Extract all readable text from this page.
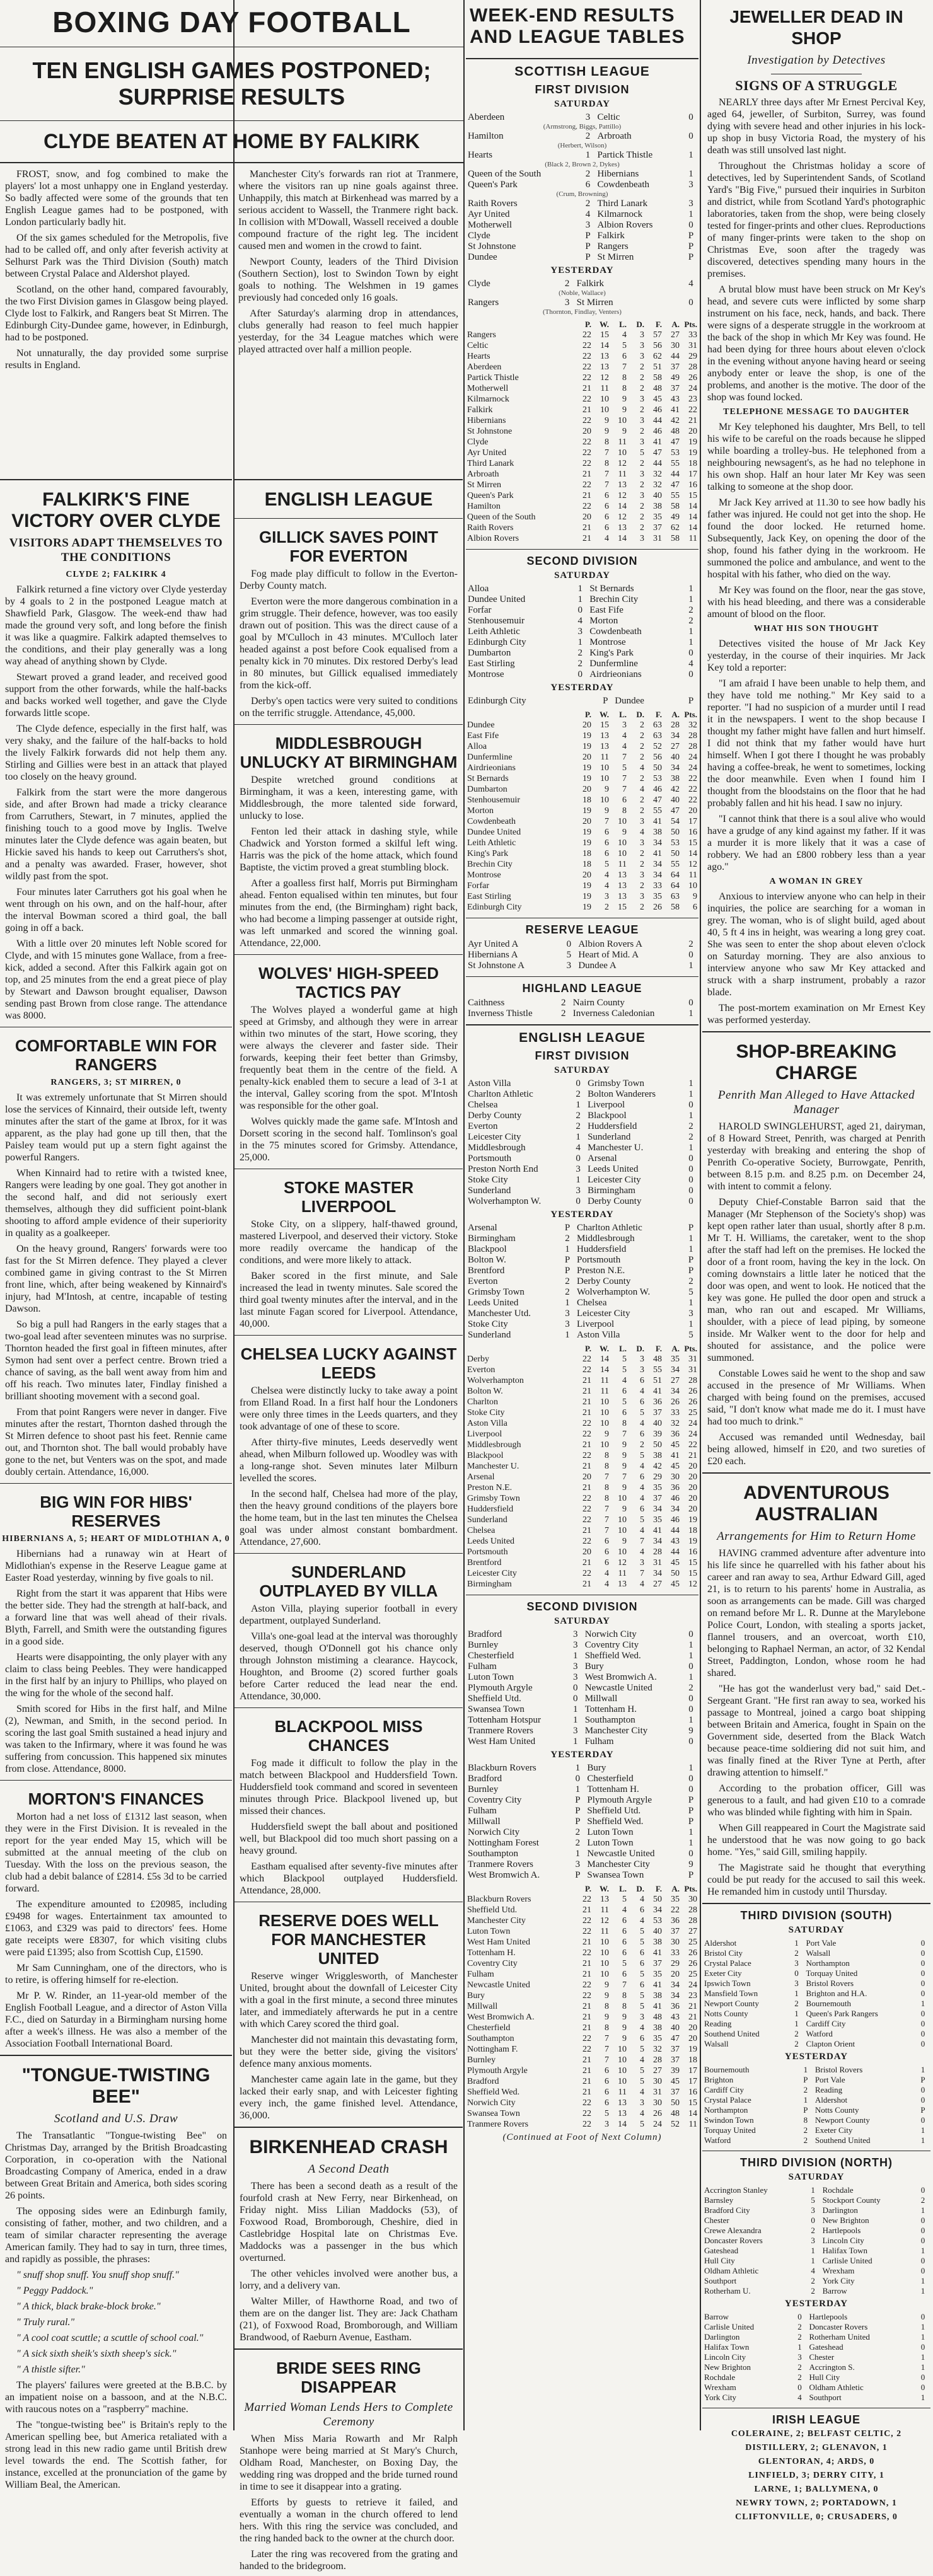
BOXING DAY FOOTBALL
TEN ENGLISH GAMES POSTPONED; SURPRISE RESULTS
CLYDE BEATEN AT HOME BY FALKIRK

FROST, snow, and fog combined to make the players' lot a most unhappy one in England yesterday. So badly affected were some of the grounds that ten English League games had to be postponed, with London particularly badly hit.

Of the six games scheduled for the Metropolis, five had to be called off, and only after feverish activity at Selhurst Park was the Third Division (South) match between Crystal Palace and Aldershot played.

Scotland, on the other hand, compared favourably, the two First Division games in Glasgow being played. Clyde lost to Falkirk, and Rangers beat St Mirren. The Edinburgh City-Dundee game, however, in Edinburgh, had to be postponed.

Not unnaturally, the day provided some surprise results in England.

Manchester City's forwards ran riot at Tranmere, where the visitors ran up nine goals against three. Unhappily, this match at Birkenhead was marred by a serious accident to Wassell, the Tranmere right back. In collision with M'Dowall, Wassell received a double compound fracture of the right leg. The incident caused men and women in the crowd to faint.

Newport County, leaders of the Third Division (Southern Section), lost to Swindon Town by eight goals to nothing. The Welshmen in 19 games previously had conceded only 16 goals.

After Saturday's alarming drop in attendances, clubs generally had reason to feel much happier yesterday, for the 34 League matches which were played attracted over half a million people.

FALKIRK'S FINE VICTORY OVER CLYDE
VISITORS ADAPT THEMSELVES TO THE CONDITIONS
CLYDE 2; FALKIRK 4

Falkirk returned a fine victory over Clyde yesterday by 4 goals to 2 in the postponed League match at Shawfield Park, Glasgow. The week-end thaw had made the ground very soft, and long before the finish it was like a quagmire. Falkirk adapted themselves to the conditions, and their play generally was a long way ahead of anything shown by Clyde.

Stewart proved a grand leader, and received good support from the other forwards, while the half-backs and backs worked well together, and gave the Clyde forwards little scope.

The Clyde defence, especially in the first half, was very shaky, and the failure of the half-backs to hold the lively Falkirk forwards did not help them any. Stirling and Gillies were best in an attack that played too closely on the heavy ground.

Falkirk from the start were the more dangerous side, and after Brown had made a tricky clearance from Carruthers, Stewart, in 7 minutes, applied the finishing touch to a good move by Inglis. Twelve minutes later the Clyde defence was again beaten, but Hickie saved his hands to keep out Carruthers's shot, and a penalty was awarded. Fraser, however, shot wildly past from the spot.

Four minutes later Carruthers got his goal when he went through on his own, and on the half-hour, after the interval Bowman scored a third goal, the ball going in off a back.

With a little over 20 minutes left Noble scored for Clyde, and with 15 minutes gone Wallace, from a free-kick, added a second. After this Falkirk again got on top, and 25 minutes from the end a great piece of play by Stewart and Dawson brought equaliser, Dawson sending past Brown from close range. The attendance was 8000.

COMFORTABLE WIN FOR RANGERS
RANGERS, 3; ST MIRREN, 0

It was extremely unfortunate that St Mirren should lose the services of Kinnaird, their outside left, twenty minutes after the start of the game at Ibrox, for it was apparent, as the play had gone up till then, that the Paisley team would put up a stern fight against the powerful Rangers.

When Kinnaird had to retire with a twisted knee, Rangers were leading by one goal. They got another in the second half, and did not seriously exert themselves, although they did sufficient point-blank shooting to afford ample evidence of their superiority in quality as a goalkeeper.

On the heavy ground, Rangers' forwards were too fast for the St Mirren defence. They played a clever combined game in giving contrast to the St Mirren front line, which, after being weakened by Kinnaird's injury, had M'Intosh, at centre, incapable of testing Dawson.

So big a pull had Rangers in the early stages that a two-goal lead after seventeen minutes was no surprise. Thornton headed the first goal in fifteen minutes, after Symon had sent over a perfect centre. Brown tried a chance of saving, as the ball went away from him and off his reach. Two minutes later, Findlay finished a brilliant shooting movement with a second goal.

From that point Rangers were never in danger. Five minutes after the restart, Thornton dashed through the St Mirren defence to shoot past his feet. Rennie came out, and Thornton shot. The ball would probably have gone to the net, but Venters was on the spot, and made doubly certain. Attendance, 16,000.

BIG WIN FOR HIBS' RESERVES
HIBERNIANS A, 5; HEART OF MIDLOTHIAN A, 0

Hibernians had a runaway win at Heart of Midlothian's expense in the Reserve League game at Easter Road yesterday, winning by five goals to nil.

Right from the start it was apparent that Hibs were the better side. They had the strength at half-back, and a forward line that was well ahead of their rivals. Blyth, Farrell, and Smith were the outstanding figures in a good side.

Hearts were disappointing, the only player with any claim to class being Peebles. They were handicapped in the first half by an injury to Phillips, who played on the wing for the whole of the second half.

Smith scored for Hibs in the first half, and Milne (2), Newman, and Smith, in the second period. In scoring the last goal Smith sustained a head injury and was taken to the Infirmary, where it was found he was suffering from concussion. This happened six minutes from close. Attendance, 8000.

MORTON'S FINANCES

Morton had a net loss of £1312 last season, when they were in the First Division. It is revealed in the report for the year ended May 15, which will be submitted at the annual meeting of the club on Tuesday. With the loss on the previous season, the club had a debit balance of £2814. £5s 3d to be carried forward.

The expenditure amounted to £20985, including £9498 for wages. Entertainment tax amounted to £1063, and £329 was paid to directors' fees. Home gate receipts were £8307, for which visiting clubs were paid £1395; also from Scottish Cup, £1590.

Mr Sam Cunningham, one of the directors, who is to retire, is offering himself for re-election.

Mr P. W. Rinder, an 11-year-old member of the English Football League, and a director of Aston Villa F.C., died on Saturday in a Birmingham nursing home after a week's illness. He was also a member of the Association Football International Board.

"TONGUE-TWISTING BEE"
Scotland and U.S. Draw

The Transatlantic "Tongue-twisting Bee" on Christmas Day, arranged by the British Broadcasting Corporation, in co-operation with the National Broadcasting Company of America, ended in a draw between Great Britain and America, both sides scoring 26 points.

The opposing sides were an Edinburgh family, consisting of father, mother, and two children, and a team of similar character representing the average American family. They had to say in turn, three times, and rapidly as possible, the phrases:

" snuff shop snuff. You snuff shop snuff."

" Peggy Paddock."

" A thick, black brake-block broke."

" Truly rural."

" A cool coat scuttle; a scuttle of school coal."

" A sick sixth sheik's sixth sheep's sick."

" A thistle sifter."

The players' failures were greeted at the B.B.C. by an impatient noise on a bassoon, and at the N.B.C. with raucous notes on a "raspberry" machine.

The "tongue-twisting bee" is Britain's reply to the American spelling bee, but America retaliated with a strong lead in this new radio game until British drew level towards the end. The Scottish father, for instance, excelled at the pronunciation of the game by William Beal, the American.

ENGLISH LEAGUE
GILLICK SAVES POINT FOR EVERTON

Fog made play difficult to follow in the Everton-Derby County match.

Everton were the more dangerous combination in a grim struggle. Their defence, however, was too easily drawn out of position. This was the direct cause of a goal by M'Culloch in 43 minutes. M'Culloch later headed against a post before Cook equalised from a penalty kick in 70 minutes. Dix restored Derby's lead in 80 minutes, but Gillick equalised immediately from the kick-off.

Derby's open tactics were very suited to conditions on the terrific struggle. Attendance, 45,000.

MIDDLESBROUGH UNLUCKY AT BIRMINGHAM

Despite wretched ground conditions at Birmingham, it was a keen, interesting game, with Middlesbrough, the more talented side forward, unlucky to lose.

Fenton led their attack in dashing style, while Chadwick and Yorston formed a skilful left wing. Harris was the pick of the home attack, which found Baptiste, the victim proved a great stumbling block.

After a goalless first half, Morris put Birmingham ahead. Fenton equalised within ten minutes, but four minutes from the end, (the Birmingham) right back, who had become a limping passenger at outside right, was left unmarked and scored the winning goal. Attendance, 22,000.

WOLVES' HIGH-SPEED TACTICS PAY

The Wolves played a wonderful game at high speed at Grimsby, and although they were in arrear within two minutes of the start, Howe scoring, they were always the cleverer and faster side. Their forwards, keeping their feet better than Grimsby, frequently beat them in the centre of the field. A penalty-kick enabled them to secure a lead of 3-1 at the interval, Galley scoring from the spot. M'Intosh was responsible for the other goal.

Wolves quickly made the game safe. M'Intosh and Dorsett scoring in the second half. Tomlinson's goal in the 75 minutes scored for Grimsby. Attendance, 25,000.

STOKE MASTER LIVERPOOL

Stoke City, on a slippery, half-thawed ground, mastered Liverpool, and deserved their victory. Stoke more readily overcame the handicap of the conditions, and were more likely to attack.

Baker scored in the first minute, and Sale increased the lead in twenty minutes. Sale scored the third goal twenty minutes after the interval, and in the last minute Fagan scored for Liverpool. Attendance, 40,000.

CHELSEA LUCKY AGAINST LEEDS

Chelsea were distinctly lucky to take away a point from Elland Road. In a first half hour the Londoners were only three times in the Leeds quarters, and they took advantage of one of these to score.

After thirty-five minutes, Leeds deservedly went ahead, when Milburn followed up. Woodley was with a long-range shot. Seven minutes later Milburn levelled the scores.

In the second half, Chelsea had more of the play, then the heavy ground conditions of the players bore the home team, but in the last ten minutes the Chelsea goal was under almost constant bombardment. Attendance, 27,600.

SUNDERLAND OUTPLAYED BY VILLA

Aston Villa, playing superior football in every department, outplayed Sunderland.

Villa's one-goal lead at the interval was thoroughly deserved, though O'Donnell got his chance only through Johnston mistiming a clearance. Haycock, Houghton, and Broome (2) scored further goals before Carter reduced the lead near the end. Attendance, 30,000.

BLACKPOOL MISS CHANCES

Fog made it difficult to follow the play in the match between Blackpool and Huddersfield Town. Huddersfield took command and scored in seventeen minutes through Price. Blackpool livened up, but missed their chances.

Huddersfield swept the ball about and positioned well, but Blackpool did too much short passing on a heavy ground.

Eastham equalised after seventy-five minutes after which Blackpool outplayed Huddersfield. Attendance, 28,000.

RESERVE DOES WELL FOR MANCHESTER UNITED

Reserve winger Wrigglesworth, of Manchester United, brought about the downfall of Leicester City with a goal in the first minute, a second three minutes later, and immediately afterwards he put in a centre with which Carey scored the third goal.

Manchester did not maintain this devastating form, but they were the better side, giving the visitors' defence many anxious moments.

Manchester came again late in the game, but they lacked their early snap, and with Leicester fighting every inch, the game finished level. Attendance, 36,000.

BIRKENHEAD CRASH
A Second Death

There has been a second death as a result of the fourfold crash at New Ferry, near Birkenhead, on Friday night. Miss Lilian Maddocks (53), of Foxwood Road, Bromborough, Cheshire, died in Castlebridge Hospital late on Christmas Eve. Maddocks was a passenger in the bus which overturned.

The other vehicles involved were another bus, a lorry, and a delivery van.

Walter Miller, of Hawthorne Road, and two of them are on the danger list. They are: Jack Chatham (21), of Foxwood Road, Bromborough, and William Brandwood, of Raeburn Avenue, Eastham.

BRIDE SEES RING DISAPPEAR
Married Woman Lends Hers to Complete Ceremony

When Miss Maria Rowarth and Mr Ralph Stanhope were being married at St Mary's Church, Oldham Road, Manchester, on Boxing Day, the wedding ring was dropped and the bride turned round in time to see it disappear into a grating.

Efforts by guests to retrieve it failed, and eventually a woman in the church offered to lend hers. With this ring the service was concluded, and the ring handed back to the owner at the church door.

Later the ring was recovered from the grating and handed to the bridegroom.

WEEK-END RESULTS AND LEAGUE TABLES
SCOTTISH LEAGUE
FIRST DIVISION
SATURDAY
Aberdeen	3	Celtic	0
(Armstrong, Biggs, Pattillo)			
Hamilton	2	Arbroath	0
(Herbert, Wilson)			
Hearts	1	Partick Thistle	1
(Black 2, Brown 2, Dykes)			
Queen of the South	2	Hibernians	1
Queen's Park	6	Cowdenbeath	3
(Crum, Browning)			
Raith Rovers	2	Third Lanark	3
Ayr United	4	Kilmarnock	1
Motherwell	3	Albion Rovers	0
Clyde	P	Falkirk	P
St Johnstone	P	Rangers	P
Dundee	P	St Mirren	P
YESTERDAY
Clyde	2	Falkirk	4
(Noble, Wallace)			
Rangers	3	St Mirren	0
(Thornton, Findlay, Venters)			
	P.	W.	L.	D.	F.	A.	Pts.
Rangers	22	15	4	3	57	27	33
Celtic	22	14	5	3	56	30	31
Hearts	22	13	6	3	62	44	29
Aberdeen	22	13	7	2	51	37	28
Partick Thistle	22	12	8	2	58	49	26
Motherwell	21	11	8	2	48	37	24
Kilmarnock	22	10	9	3	45	43	23
Falkirk	21	10	9	2	46	41	22
Hibernians	22	9	10	3	44	42	21
St Johnstone	20	9	9	2	46	48	20
Clyde	22	8	11	3	41	47	19
Ayr United	22	7	10	5	47	53	19
Third Lanark	22	8	12	2	44	55	18
Arbroath	21	7	11	3	32	44	17
St Mirren	22	7	13	2	32	47	16
Queen's Park	21	6	12	3	40	55	15
Hamilton	22	6	14	2	38	58	14
Queen of the South	20	6	12	2	35	49	14
Raith Rovers	21	6	13	2	37	62	14
Albion Rovers	21	4	14	3	31	58	11
SECOND DIVISION
SATURDAY
Alloa	1	St Bernards	1
Dundee United	1	Brechin City	1
Forfar	0	East Fife	2
Stenhousemuir	4	Morton	2
Leith Athletic	3	Cowdenbeath	1
Edinburgh City	1	Montrose	1
Dumbarton	2	King's Park	0
East Stirling	2	Dunfermline	4
Montrose	0	Airdrieonians	0
YESTERDAY
Edinburgh City	P	Dundee	P
	P.	W.	L.	D.	F.	A.	Pts.
Dundee	20	15	3	2	63	28	32
East Fife	19	13	4	2	63	34	28
Alloa	19	13	4	2	52	27	28
Dunfermline	20	11	7	2	56	40	24
Airdrieonians	19	10	5	4	50	34	24
St Bernards	19	10	7	2	53	38	22
Dumbarton	20	9	7	4	46	42	22
Stenhousemuir	18	10	6	2	47	40	22
Morton	19	9	8	2	55	47	20
Cowdenbeath	20	7	10	3	41	54	17
Dundee United	19	6	9	4	38	50	16
Leith Athletic	19	6	10	3	34	53	15
King's Park	18	6	10	2	41	50	14
Brechin City	18	5	11	2	34	55	12
Montrose	20	4	13	3	34	64	11
Forfar	19	4	13	2	33	64	10
East Stirling	19	3	13	3	35	63	9
Edinburgh City	19	2	15	2	26	58	6
RESERVE LEAGUE
Ayr United A	0	Albion Rovers A	2
Hibernians A	5	Heart of Mid. A	0
St Johnstone A	3	Dundee A	1
HIGHLAND LEAGUE
Caithness	2	Nairn County	0
Inverness Thistle	2	Inverness Caledonian	1
ENGLISH LEAGUE
FIRST DIVISION
SATURDAY
Aston Villa	0	Grimsby Town	1
Charlton Athletic	2	Bolton Wanderers	1
Chelsea	1	Liverpool	0
Derby County	2	Blackpool	1
Everton	2	Huddersfield	2
Leicester City	1	Sunderland	2
Middlesbrough	4	Manchester U.	1
Portsmouth	0	Arsenal	0
Preston North End	3	Leeds United	0
Stoke City	1	Leicester City	0
Sunderland	3	Birmingham	0
Wolverhampton W.	0	Derby County	0
YESTERDAY
Arsenal	P	Charlton Athletic	P
Birmingham	2	Middlesbrough	1
Blackpool	1	Huddersfield	1
Bolton W.	P	Portsmouth	P
Brentford	P	Preston N.E.	P
Everton	2	Derby County	2
Grimsby Town	2	Wolverhampton W.	5
Leeds United	1	Chelsea	1
Manchester Utd.	3	Leicester City	3
Stoke City	3	Liverpool	1
Sunderland	1	Aston Villa	5
	P.	W.	L.	D.	F.	A.	Pts.
Derby	22	14	5	3	48	35	31
Everton	22	14	5	3	55	34	31
Wolverhampton	21	11	4	6	51	27	28
Bolton W.	21	11	6	4	41	34	26
Charlton	21	10	5	6	36	26	26
Stoke City	21	10	6	5	37	33	25
Aston Villa	22	10	8	4	40	32	24
Liverpool	22	9	7	6	39	36	24
Middlesbrough	21	10	9	2	50	45	22
Blackpool	22	8	9	5	38	41	21
Manchester U.	21	8	9	4	42	45	20
Arsenal	20	7	7	6	29	30	20
Preston N.E.	21	8	9	4	35	36	20
Grimsby Town	22	8	10	4	37	46	20
Huddersfield	22	7	9	6	34	34	20
Sunderland	22	7	10	5	35	46	19
Chelsea	21	7	10	4	41	44	18
Leeds United	22	6	9	7	34	43	19
Portsmouth	20	6	10	4	28	44	16
Brentford	21	6	12	3	31	45	15
Leicester City	22	4	11	7	34	50	15
Birmingham	21	4	13	4	27	45	12
SECOND DIVISION
SATURDAY
Bradford	3	Norwich City	0
Burnley	3	Coventry City	1
Chesterfield	1	Sheffield Wed.	1
Fulham	3	Bury	0
Luton Town	3	West Bromwich A.	1
Plymouth Argyle	0	Newcastle United	2
Sheffield Utd.	0	Millwall	0
Swansea Town	1	Tottenham H.	0
Tottenham Hotspur	1	Southampton	1
Tranmere Rovers	3	Manchester City	9
West Ham United	1	Fulham	0
YESTERDAY
Blackburn Rovers	1	Bury	1
Bradford	0	Chesterfield	0
Burnley	1	Tottenham H.	0
Coventry City	P	Plymouth Argyle	P
Fulham	P	Sheffield Utd.	P
Millwall	P	Sheffield Wed.	P
Norwich City	2	Luton Town	1
Nottingham Forest	2	Luton Town	1
Southampton	1	Newcastle United	0
Tranmere Rovers	3	Manchester City	9
West Bromwich A.	P	Swansea Town	P
	P.	W.	L.	D.	F.	A.	Pts.
Blackburn Rovers	22	13	5	4	50	35	30
Sheffield Utd.	21	11	4	6	34	22	28
Manchester City	22	12	6	4	53	36	28
Luton Town	22	11	6	5	40	37	27
West Ham United	21	10	6	5	38	30	25
Tottenham H.	22	10	6	6	41	33	26
Coventry City	21	10	5	6	37	29	26
Fulham	21	10	6	5	35	20	25
Newcastle United	22	9	7	6	41	34	24
Bury	22	9	8	5	38	34	23
Millwall	21	8	8	5	41	36	21
West Bromwich A.	21	9	9	3	48	43	21
Chesterfield	21	8	9	4	38	40	20
Southampton	22	7	9	6	35	47	20
Nottingham F.	22	7	10	5	32	37	19
Burnley	21	7	10	4	28	37	18
Plymouth Argyle	21	6	10	5	27	39	17
Bradford	21	6	10	5	30	45	17
Sheffield Wed.	21	6	11	4	31	37	16
Norwich City	22	6	13	3	30	50	15
Swansea Town	22	5	13	4	26	48	14
Tranmere Rovers	22	3	14	5	24	52	11
(Continued at Foot of Next Column)
JEWELLER DEAD IN SHOP
Investigation by Detectives
SIGNS OF A STRUGGLE

NEARLY three days after Mr Ernest Percival Key, aged 64, jeweller, of Surbiton, Surrey, was found dying with severe head and other injuries in his lock-up shop in busy Victoria Road, the mystery of his death was still unsolved last night.

Throughout the Christmas holiday a score of detectives, led by Superintendent Sands, of Scotland Yard's "Big Five," pursued their inquiries in Surbiton and district, while from Scotland Yard's photographic laboratories, taken from the shop, were being closely tested for finger-prints and other clues. Reproductions of many finger-prints were taken to the shop on Christmas Eve, soon after the tragedy was discovered, detectives spending many hours in the premises.

A brutal blow must have been struck on Mr Key's head, and severe cuts were inflicted by some sharp instrument on his face, neck, hands, and back. There were signs of a desperate struggle in the workroom at the back of the shop in which Mr Key was found. He had been dying for three hours about eleven o'clock in the evening without anyone having heard or seeing anybody enter or leave the shop, is one of the problems, and another is the motive. The door of the shop was found locked.

TELEPHONE MESSAGE TO DAUGHTER

Mr Key telephoned his daughter, Mrs Bell, to tell his wife to be careful on the roads because he slipped while boarding a trolley-bus. He telephoned from a neighbouring newsagent's, as he had no telephone in his own shop. Half an hour later Mr Key was seen talking to someone at the shop door.

Mr Jack Key arrived at 11.30 to see how badly his father was injured. He could not get into the shop. He found the door locked. He returned home. Subsequently, Jack Key, on opening the door of the shop, found his father dying in the workroom. He summoned the police and ambulance, and went to the hospital with his father, who died on the way.

Mr Key was found on the floor, near the gas stove, with his head bleeding, and there was a considerable amount of blood on the floor.

WHAT HIS SON THOUGHT

Detectives visited the house of Mr Jack Key yesterday, in the course of their inquiries. Mr Jack Key told a reporter:

"I am afraid I have been unable to help them, and they have told me nothing." Mr Key said to a reporter. "I had no suspicion of a murder until I read it in the newspapers. I went to the shop because I thought my father might have fallen and hurt himself. I did not think that my father would have hurt himself. When I got there I thought he was probably having a coffee-break, he went to sometimes, locking the door meanwhile. Even when I found him I thought from the bloodstains on the floor that he had probably fallen and hit his head. I saw no injury.

"I cannot think that there is a soul alive who would have a grudge of any kind against my father. If it was a murder it is more likely that it was a case of robbery. We had an £800 robbery less than a year ago."

A WOMAN IN GREY

Anxious to interview anyone who can help in their inquiries, the police are searching for a woman in grey. The woman, who is of slight build, aged about 40, 5 ft 4 ins in height, was wearing a long grey coat. She was seen to enter the shop about eleven o'clock on Saturday morning. They are also anxious to interview anyone who saw Mr Key attacked and struck with a sharp instrument, probably a razor blade.

The post-mortem examination on Mr Ernest Key was performed yesterday.

SHOP-BREAKING CHARGE
Penrith Man Alleged to Have Attacked Manager

HAROLD SWINGLEHURST, aged 21, dairyman, of 8 Howard Street, Penrith, was charged at Penrith yesterday with breaking and entering the shop of Penrith Co-operative Society, Burrowgate, Penrith, between 8.15 p.m. and 8.25 p.m. on December 24, with intent to commit a felony.

Deputy Chief-Constable Barron said that the Manager (Mr Stephenson of the Society's shop) was kept open rather later than usual, shortly after 8 p.m. Mr T. H. Williams, the caretaker, went to the shop after the staff had left on the premises. He locked the door of a front room, having the key in the lock. On coming downstairs a little later he noticed that the door was open, and went to look. He noticed that the key was gone. He pulled the door open and struck a man, who ran out and escaped. Mr Williams, shoulder, with a piece of lead piping, by someone inside. Mr Walker went to the door for help and shouted for assistance, and the police were summoned.

Constable Lowes said he went to the shop and saw accused in the presence of Mr Williams. When charged with being found on the premises, accused said, "I don't know what made me do it. I must have had too much to drink."

Accused was remanded until Wednesday, bail being allowed, himself in £20, and two sureties of £20 each.

ADVENTUROUS AUSTRALIAN
Arrangements for Him to Return Home

HAVING crammed adventure after adventure into his life since he quarrelled with his father about his career and ran away to sea, Arthur Edward Gill, aged 21, is to return to his parents' home in Australia, as soon as arrangements can be made. Gill was charged on remand before Mr L. R. Dunne at the Marylebone Police Court, London, with stealing a sports jacket, flannel trousers, and an overcoat, worth £10, belonging to Raphael Nerman, an actor, of 32 Kendal Street, Paddington, London, whose room he had shared.

"He has got the wanderlust very bad," said Det.-Sergeant Grant. "He first ran away to sea, worked his passage to Montreal, joined a cargo boat shipping between Britain and America, fought in Spain on the Government side, deserted from the Black Watch because peace-time soldiering did not suit him, and was finally fined at the River Tyne at Perth, after drawing attention to himself."

According to the probation officer, Gill was generous to a fault, and had given £10 to a comrade who was blinded while fighting with him in Spain.

When Gill reappeared in Court the Magistrate said he understood that he was now going to go back home. "Yes," said Gill, smiling happily.

The Magistrate said he thought that everything could be put ready for the accused to sail this week. He remanded him in custody until Thursday.

THIRD DIVISION (SOUTH)
SATURDAY
Aldershot	1	Port Vale	0
Bristol City	2	Walsall	0
Crystal Palace	3	Northampton	0
Exeter City	0	Torquay United	0
Ipswich Town	3	Bristol Rovers	0
Mansfield Town	1	Brighton and H.A.	0
Newport County	2	Bournemouth	1
Notts County	1	Queen's Park Rangers	0
Reading	1	Cardiff City	0
Southend United	2	Watford	0
Walsall	2	Clapton Orient	0
YESTERDAY
Bournemouth	1	Bristol Rovers	1
Brighton	P	Port Vale	P
Cardiff City	2	Reading	0
Crystal Palace	1	Aldershot	0
Northampton	P	Notts County	P
Swindon Town	8	Newport County	0
Torquay United	2	Exeter City	1
Watford	2	Southend United	1
THIRD DIVISION (NORTH)
SATURDAY
Accrington Stanley	1	Rochdale	0
Barnsley	5	Stockport County	2
Bradford City	3	Darlington	1
Chester	0	New Brighton	0
Crewe Alexandra	2	Hartlepools	0
Doncaster Rovers	3	Lincoln City	0
Gateshead	1	Halifax Town	1
Hull City	1	Carlisle United	0
Oldham Athletic	4	Wrexham	0
Southport	2	York City	1
Rotherham U.	2	Barrow	1
YESTERDAY
Barrow	0	Hartlepools	0
Carlisle United	2	Doncaster Rovers	1
Darlington	2	Rotherham United	1
Halifax Town	1	Gateshead	0
Lincoln City	3	Chester	1
New Brighton	2	Accrington S.	1
Rochdale	2	Hull City	0
Wrexham	0	Oldham Athletic	0
York City	4	Southport	1
IRISH LEAGUE
COLERAINE, 2; BELFAST CELTIC, 2
DISTILLERY, 2; GLENAVON, 1
GLENTORAN, 4; ARDS, 0
LINFIELD, 3; DERRY CITY, 1
LARNE, 1; BALLYMENA, 0
NEWRY TOWN, 2; PORTADOWN, 1
CLIFTONVILLE, 0; CRUSADERS, 0
